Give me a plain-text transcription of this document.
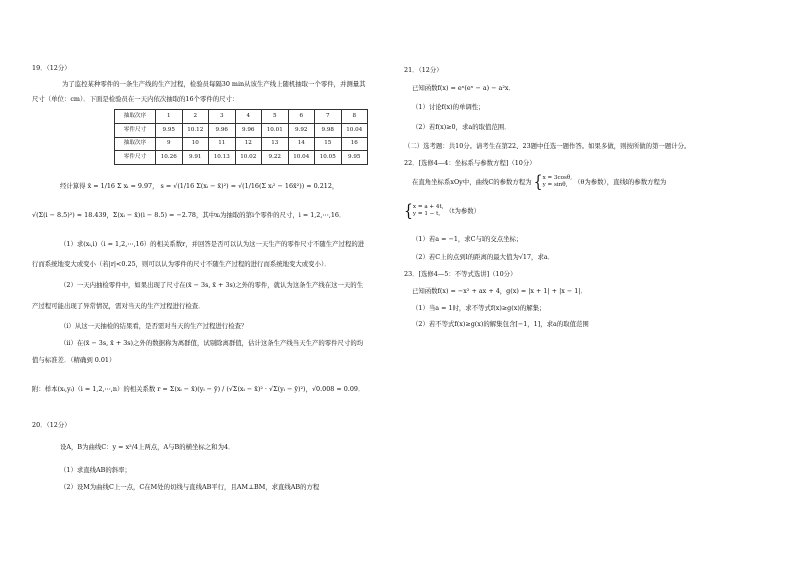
19．（12分）
为了监控某种零件的一条生产线的生产过程，检验员每隔30 min从该生产线上随机抽取一个零件，并测量其
尺寸（单位：cm）．下面是检验员在一天内依次抽取的16个零件的尺寸：
抽取次序	1	2	3	4	5	6	7	8
零件尺寸	9.95	10.12	9.96	9.96	10.01	9.92	9.98	10.04
抽取次序	9	10	11	12	13	14	15	16
零件尺寸	10.26	9.91	10.13	10.02	9.22	10.04	10.05	9.95
经计算得 x̄ = 1/16 Σ xᵢ = 9.97， s = √(1/16 Σ(xᵢ − x̄)²) = √(1/16(Σ xᵢ² − 16x̄²)) ≈ 0.212，
√(Σ(i − 8.5)²) ≈ 18.439，Σ(xᵢ − x̄)(i − 8.5) = −2.78，其中xᵢ为抽取的第i个零件的尺寸，i = 1,2,⋯,16．
（1）求(xᵢ,i)（i = 1,2,⋯,16）的相关系数r，并回答是否可以认为这一天生产的零件尺寸不随生产过程的进
行而系统地变大或变小（若|r|<0.25，则可以认为零件的尺寸不随生产过程的进行而系统地变大或变小）．
（2）一天内抽检零件中，如果出现了尺寸在(x̄ − 3s, x̄ + 3s)之外的零件，就认为这条生产线在这一天的生
产过程可能出现了异常情况，需对当天的生产过程进行检查．
（ⅰ）从这一天抽检的结果看，是否需对当天的生产过程进行检查？
（ⅱ）在(x̄ − 3s, x̄ + 3s)之外的数据称为离群值，试剔除离群值，估计这条生产线当天生产的零件尺寸的均
值与标准差．（精确到 0.01）
附：样本(xᵢ,yᵢ)（i = 1,2,⋯,n）的相关系数 r = Σ(xᵢ − x̄)(yᵢ − ȳ) / (√Σ(xᵢ − x̄)² · √Σ(yᵢ − ȳ)²)，√0.008 ≈ 0.09．
20．（12分）
设A，B为曲线C：y = x²/4上两点，A与B的横坐标之和为4．
（1）求直线AB的斜率；
（2）设M为曲线C上一点，C在M处的切线与直线AB平行，且AM⊥BM，求直线AB的方程
21．（12分）
已知函数f(x) = eˣ(eˣ − a) − a²x．
（1）讨论f(x)的单调性；
（2）若f(x)≥0，求a的取值范围．
（二）选考题：共10分。请考生在第22、23题中任选一题作答。如果多做，则按所做的第一题计分。
22．[选修4—4：坐标系与参数方程]（10分）
在直角坐标系xOy中，曲线C的参数方程为 {x = 3cosθ,
y = sinθ, （θ为参数），直线l的参数方程为
{x = a + 4t,
y = 1 − t, （t为参数）
（1）若a = −1，求C与l的交点坐标；
（2）若C上的点到l的距离的最大值为√17，求a．
23．[选修4—5：不等式选讲]（10分）
已知函数f(x) = −x² + ax + 4，g(x) = |x + 1| + |x − 1|．
（1）当a = 1时，求不等式f(x)≥g(x)的解集；
（2）若不等式f(x)≥g(x)的解集包含[−1，1]，求a的取值范围
